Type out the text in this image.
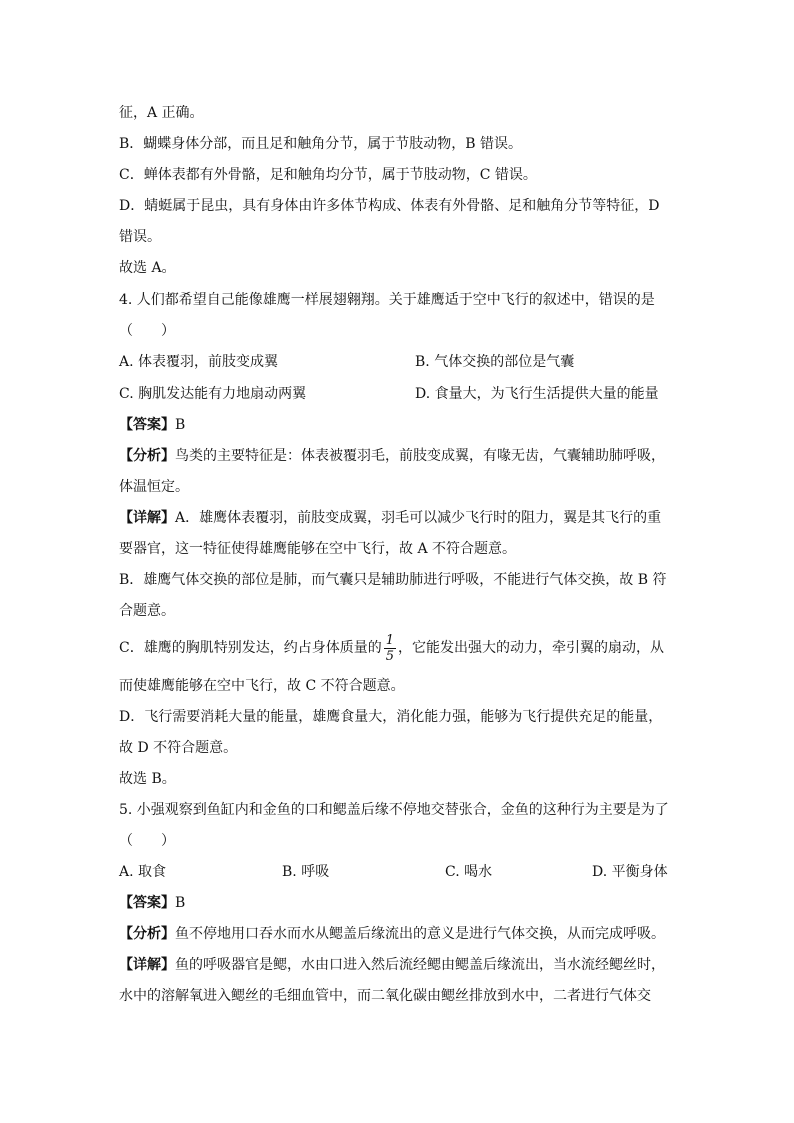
征，A 正确。
B．蝴蝶身体分部，而且足和触角分节，属于节肢动物，B 错误。
C．蝉体表都有外骨骼，足和触角均分节，属于节肢动物，C 错误。
D．蜻蜓属于昆虫，具有身体由许多体节构成、体表有外骨骼、足和触角分节等特征，D
错误。
故选 A。
4. 人们都希望自己能像雄鹰一样展翅翱翔。关于雄鹰适于空中飞行的叙述中，错误的是
（　　）
A. 体表覆羽，前肢变成翼	B. 气体交换的部位是气囊
C. 胸肌发达能有力地扇动两翼	D. 食量大，为飞行生活提供大量的能量
【答案】B
【分析】鸟类的主要特征是：体表被覆羽毛，前肢变成翼，有喙无齿，气囊辅助肺呼吸，
体温恒定。
【详解】A．雄鹰体表覆羽，前肢变成翼，羽毛可以减少飞行时的阻力，翼是其飞行的重
要器官，这一特征使得雄鹰能够在空中飞行，故 A 不符合题意。
B．雄鹰气体交换的部位是肺，而气囊只是辅助肺进行呼吸，不能进行气体交换，故 B 符
合题意。
C．雄鹰的胸肌特别发达，约占身体质量的 $\frac{1}{5}$ ，它能发出强大的动力，牵引翼的扇动，从
而使雄鹰能够在空中飞行，故 C 不符合题意。
D．飞行需要消耗大量的能量，雄鹰食量大，消化能力强，能够为飞行提供充足的能量，
故 D 不符合题意。
故选 B。
5. 小强观察到鱼缸内和金鱼的口和鳃盖后缘不停地交替张合，金鱼的这种行为主要是为了
（　　）
A. 取食	B. 呼吸	C. 喝水	D. 平衡身体
【答案】B
【分析】鱼不停地用口吞水而水从鳃盖后缘流出的意义是进行气体交换，从而完成呼吸。
【详解】鱼的呼吸器官是鳃，水由口进入然后流经鳃由鳃盖后缘流出，当水流经鳃丝时，
水中的溶解氧进入鳃丝的毛细血管中，而二氧化碳由鳃丝排放到水中，二者进行气体交
